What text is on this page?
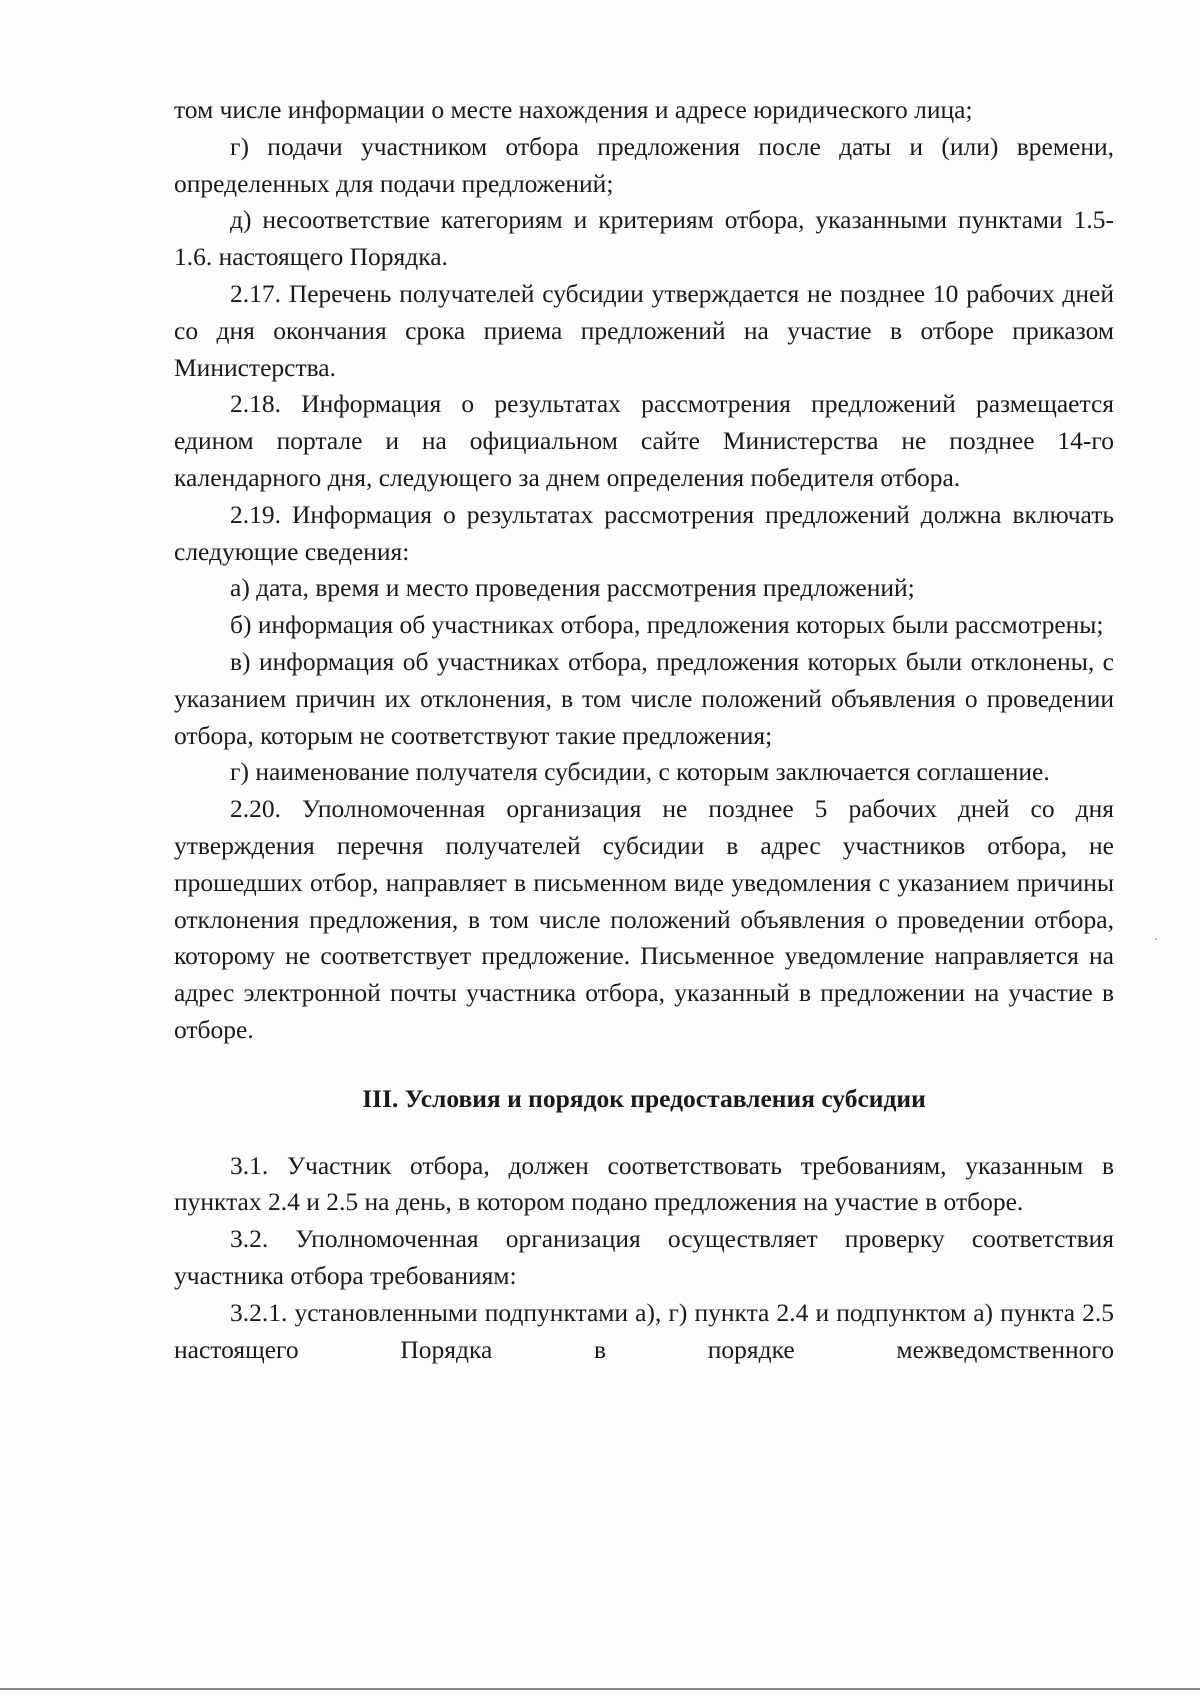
том числе информации о месте нахождения и адресе юридического лица;

г) подачи участником отбора предложения после даты и (или) времени, определенных для подачи предложений;

д) несоответствие категориям и критериям отбора, указанными пунктами 1.5-1.6. настоящего Порядка.

2.17. Перечень получателей субсидии утверждается не позднее 10 рабочих дней со дня окончания срока приема предложений на участие в отборе приказом Министерства.

2.18. Информация о результатах рассмотрения предложений размещается едином портале и на официальном сайте Министерства не позднее 14-го календарного дня, следующего за днем определения победителя отбора.

2.19. Информация о результатах рассмотрения предложений должна включать следующие сведения:

а) дата, время и место проведения рассмотрения предложений;

б) информация об участниках отбора, предложения которых были рассмотрены;

в) информация об участниках отбора, предложения которых были отклонены, с указанием причин их отклонения, в том числе положений объявления о проведении отбора, которым не соответствуют такие предложения;

г) наименование получателя субсидии, с которым заключается соглашение.

2.20. Уполномоченная организация не позднее 5 рабочих дней со дня утверждения перечня получателей субсидии в адрес участников отбора, не прошедших отбор, направляет в письменном виде уведомления с указанием причины отклонения предложения, в том числе положений объявления о проведении отбора, которому не соответствует предложение. Письменное уведомление направляется на адрес электронной почты участника отбора, указанный в предложении на участие в отборе.

III. Условия и порядок предоставления субсидии

3.1. Участник отбора, должен соответствовать требованиям, указанным в пунктах 2.4 и 2.5 на день, в котором подано предложения на участие в отборе.

3.2. Уполномоченная организация осуществляет проверку соответствия участника отбора требованиям:

3.2.1. установленными подпунктами а), г) пункта 2.4 и подпунктом а) пункта 2.5 настоящего Порядка в порядке межведомственного
